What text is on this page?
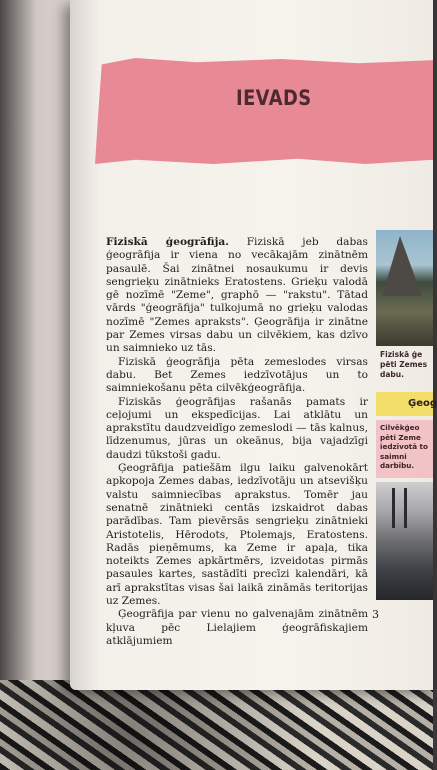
IEVADS

Fiziskā ģeogrāfija. Fiziskā jeb dabas ģeogrāfija ir viena no vecākajām zinātnēm pasaulē. Šai zinātnei nosaukumu ir devis sengrieķu zinātnieks Eratostens. Grieķu valodā gē nozīmē "Zeme", graphō — "rakstu". Tātad vārds "ģeogrāfija" tulkojumā no grieķu valodas nozīmē "Zemes apraksts". Ģeogrāfija ir zinātne par Zemes virsas dabu un cilvēkiem, kas dzīvo un saimnieko uz tās.

Fiziskā ģeogrāfija pēta zemeslodes virsas dabu. Bet Zemes iedzīvotājus un to saimniekošanu pēta cilvēkģeogrāfija.

Fiziskās ģeogrāfijas rašanās pamats ir ceļojumi un ekspedīcijas. Lai atklātu un aprakstītu daudzveidīgo zemeslodi — tās kalnus, līdzenumus, jūras un okeānus, bija vajadzīgi daudzi tūkstoši gadu.

Ģeogrāfija patiešām ilgu laiku galvenokārt apkopoja Zemes dabas, iedzīvotāju un atsevišķu valstu saimniecības aprakstus. Tomēr jau senatnē zinātnieki centās izskaidrot dabas parādības. Tam pievērsās sengrieķu zinātnieki Aristotelis, Hērodots, Ptolemajs, Eratostens. Radās pieņēmums, ka Zeme ir apaļa, tika noteikts Zemes apkārtmērs, izveidotas pirmās pasaules kartes, sastādīti precīzi kalendāri, kā arī aprakstītas visas šai laikā zināmās teritorijas uz Zemes.

Ģeogrāfija par vienu no galvenajām zinātnēm kļuva pēc Lielajiem ģeogrāfiskajiem atklājumiem

3
Fiziskā ģe pēti Zemes dabu.
Ģeog
Cilvēkģeo pēti Zeme iedzīvotā to saimni darbību.
